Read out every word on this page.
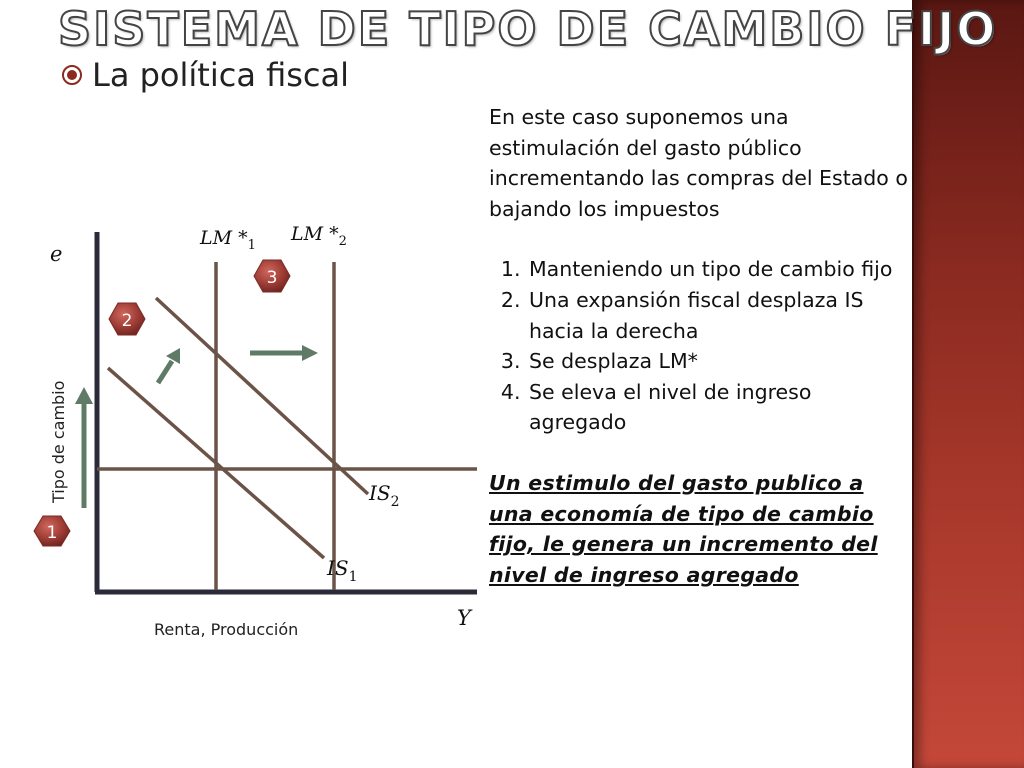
SISTEMA DE TIPO DE CAMBIO FIJO
La política fiscal
1
2
3
LM $*_1$
LM $*_2$
$IS_2$
$IS_1$
e
Y
Tipo de cambio
Renta, Producción

En este caso suponemos una estimulación del gasto público incrementando las compras del Estado o bajando los impuestos

1. Manteniendo un tipo de cambio fijo
2. Una expansión fiscal desplaza IS hacia la derecha
3. Se desplaza LM*
4. Se eleva el nivel de ingreso agregado

Un estimulo del gasto publico a una economía de tipo de cambio fijo, le genera un incremento del nivel de ingreso agregado
